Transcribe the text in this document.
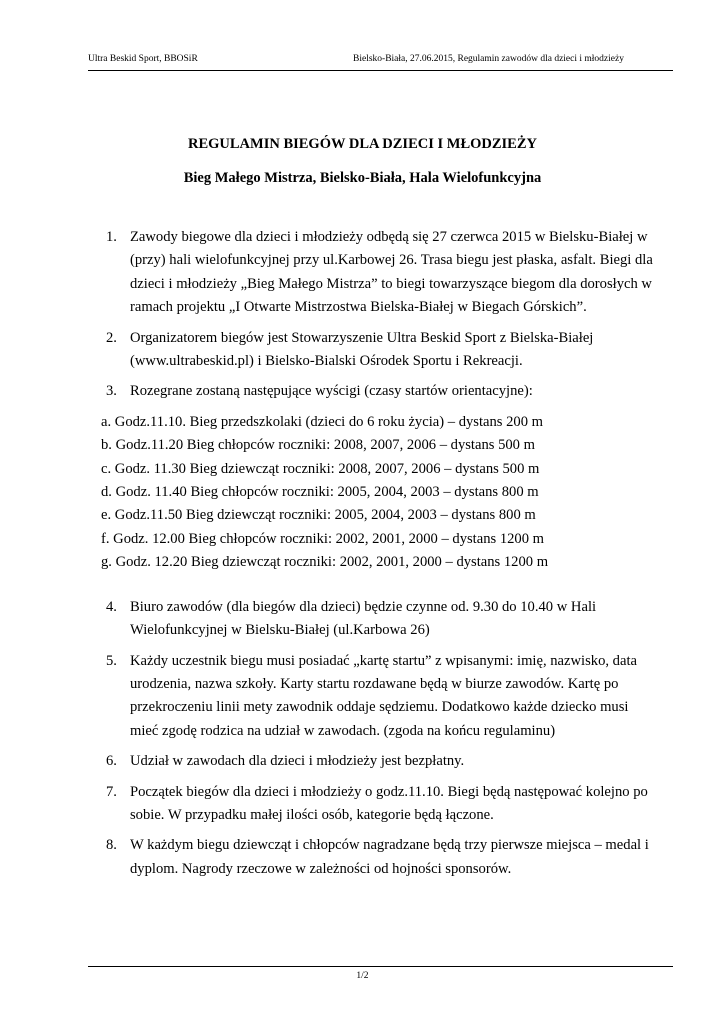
Ultra Beskid Sport, BBOSiR	Bielsko-Biała, 27.06.2015, Regulamin zawodów dla dzieci i młodzieży
REGULAMIN BIEGÓW DLA DZIECI I MŁODZIEŻY
Bieg Małego Mistrza, Bielsko-Biała, Hala Wielofunkcyjna
1. Zawody biegowe dla dzieci i młodzieży odbędą się 27 czerwca 2015 w Bielsku-Białej w (przy) hali wielofunkcyjnej przy ul.Karbowej 26. Trasa biegu jest płaska, asfalt. Biegi dla dzieci i młodzieży „Bieg Małego Mistrza” to biegi towarzyszące biegom dla dorosłych w ramach projektu „I Otwarte Mistrzostwa Bielska-Białej w Biegach Górskich”.
2. Organizatorem biegów jest Stowarzyszenie Ultra Beskid Sport z Bielska-Białej (www.ultrabeskid.pl) i Bielsko-Bialski Ośrodek Sportu i Rekreacji.
3. Rozegrane zostaną następujące wyścigi (czasy startów orientacyjne):
a. Godz.11.10. Bieg przedszkolaki (dzieci do 6 roku życia) – dystans 200 m
b. Godz.11.20 Bieg chłopców roczniki: 2008, 2007, 2006 – dystans 500 m
c. Godz. 11.30 Bieg dziewcząt roczniki: 2008, 2007, 2006 – dystans 500 m
d. Godz. 11.40 Bieg chłopców roczniki: 2005, 2004, 2003 – dystans 800 m
e. Godz.11.50 Bieg dziewcząt roczniki: 2005, 2004, 2003 – dystans 800 m
f. Godz. 12.00 Bieg chłopców roczniki: 2002, 2001, 2000 – dystans 1200 m
g. Godz. 12.20 Bieg dziewcząt roczniki: 2002, 2001, 2000 – dystans 1200 m
4. Biuro zawodów (dla biegów dla dzieci) będzie czynne od. 9.30 do 10.40 w Hali Wielofunkcyjnej w Bielsku-Białej (ul.Karbowa 26)
5. Każdy uczestnik biegu musi posiadać „kartę startu” z wpisanymi: imię, nazwisko, data urodzenia, nazwa szkoły. Karty startu rozdawane będą w biurze zawodów. Kartę po przekroczeniu linii mety zawodnik oddaje sędziemu. Dodatkowo każde dziecko musi mieć zgodę rodzica na udział w zawodach. (zgoda na końcu regulaminu)
6. Udział w zawodach dla dzieci i młodzieży jest bezpłatny.
7. Początek biegów dla dzieci i młodzieży o godz.11.10. Biegi będą następować kolejno po sobie. W przypadku małej ilości osób, kategorie będą łączone.
8. W każdym biegu dziewcząt i chłopców nagradzane będą trzy pierwsze miejsca – medal i dyplom. Nagrody rzeczowe w zależności od hojności sponsorów.
1/2
